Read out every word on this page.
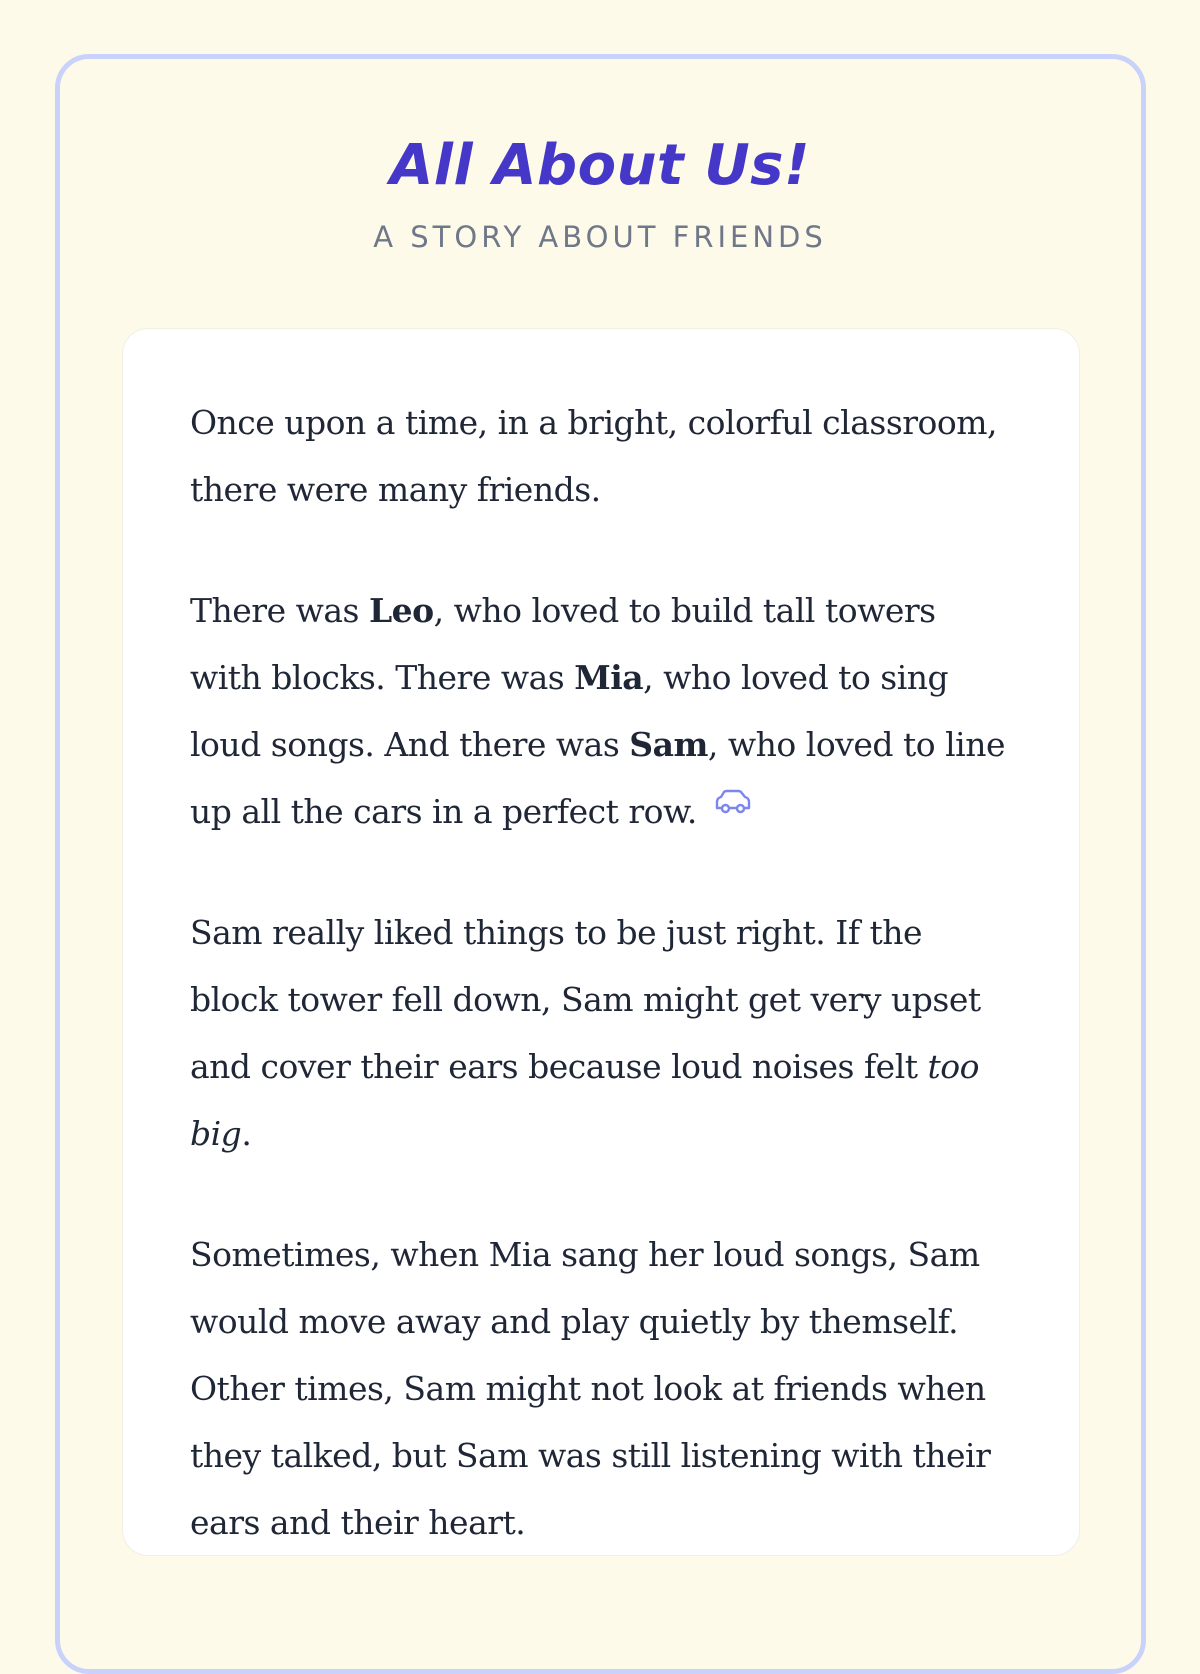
All About Us!
A STORY ABOUT FRIENDS

Once upon a time, in a bright, colorful classroom, there were many friends.

There was Leo, who loved to build tall towers with blocks. There was Mia, who loved to sing loud songs. And there was Sam, who loved to line up all the cars in a perfect row.

Sam really liked things to be just right. If the block tower fell down, Sam might get very upset and cover their ears because loud noises felt too big.

Sometimes, when Mia sang her loud songs, Sam would move away and play quietly by themself. Other times, Sam might not look at friends when they talked, but Sam was still listening with their ears and their heart.
